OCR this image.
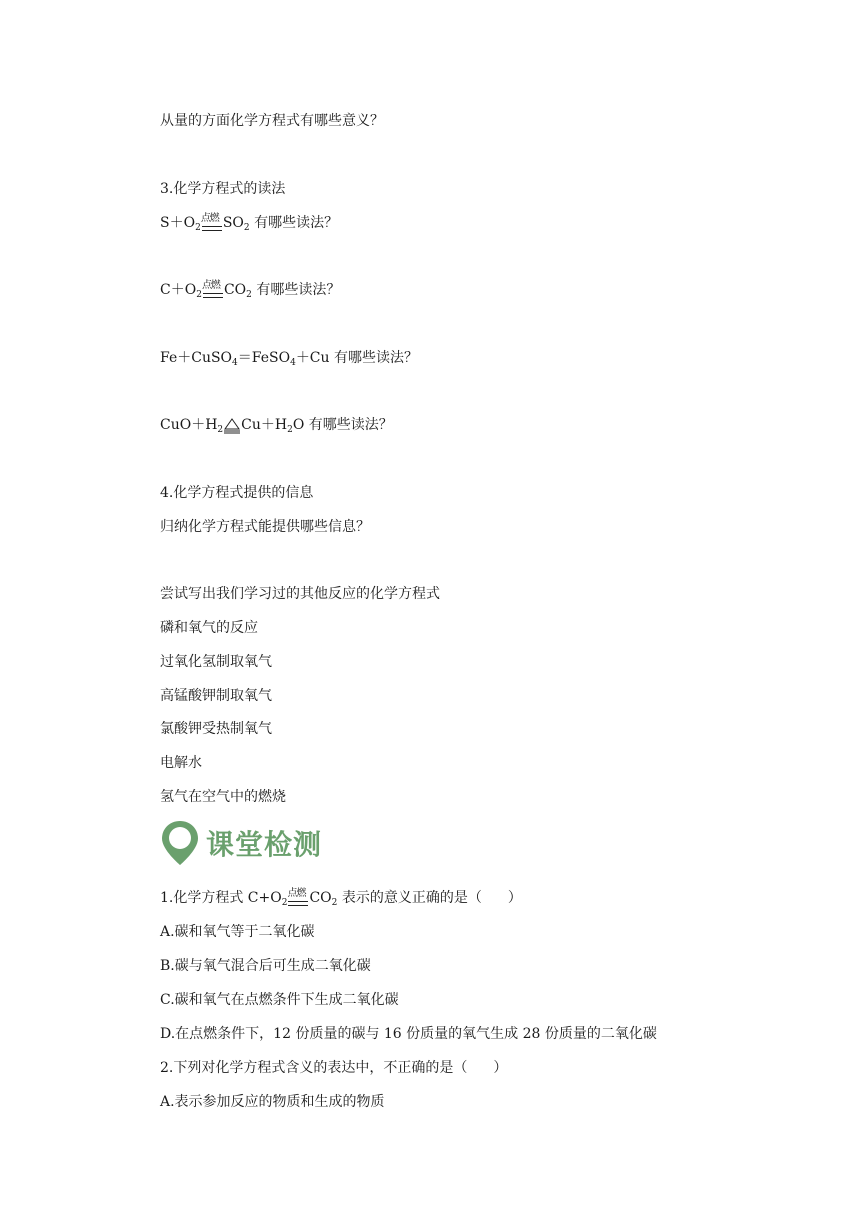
从量的方面化学方程式有哪些意义？
3.化学方程式的读法
$S+O_2$
点燃 $SO_2$ 有哪些读法？
$C+O_2$
点燃 $CO_2$ 有哪些读法？
Fe＋CuSO$_4$＝FeSO$_4$＋Cu 有哪些读法？
$CuO+H_2$ $Cu+H_2O$ 有哪些读法？
4.化学方程式提供的信息
归纳化学方程式能提供哪些信息？
尝试写出我们学习过的其他反应的化学方程式
磷和氧气的反应
过氧化氢制取氧气
高锰酸钾制取氧气
氯酸钾受热制氧气
电解水
氢气在空气中的燃烧
课堂检测
1.化学方程式 $C+O_2$
点燃 $CO_2$ 表示的意义正确的是（ ）
A.碳和氧气等于二氧化碳
B.碳与氧气混合后可生成二氧化碳
C.碳和氧气在点燃条件下生成二氧化碳
D.在点燃条件下，12 份质量的碳与 16 份质量的氧气生成 28 份质量的二氧化碳
2.下列对化学方程式含义的表达中，不正确的是（ ）
A.表示参加反应的物质和生成的物质
